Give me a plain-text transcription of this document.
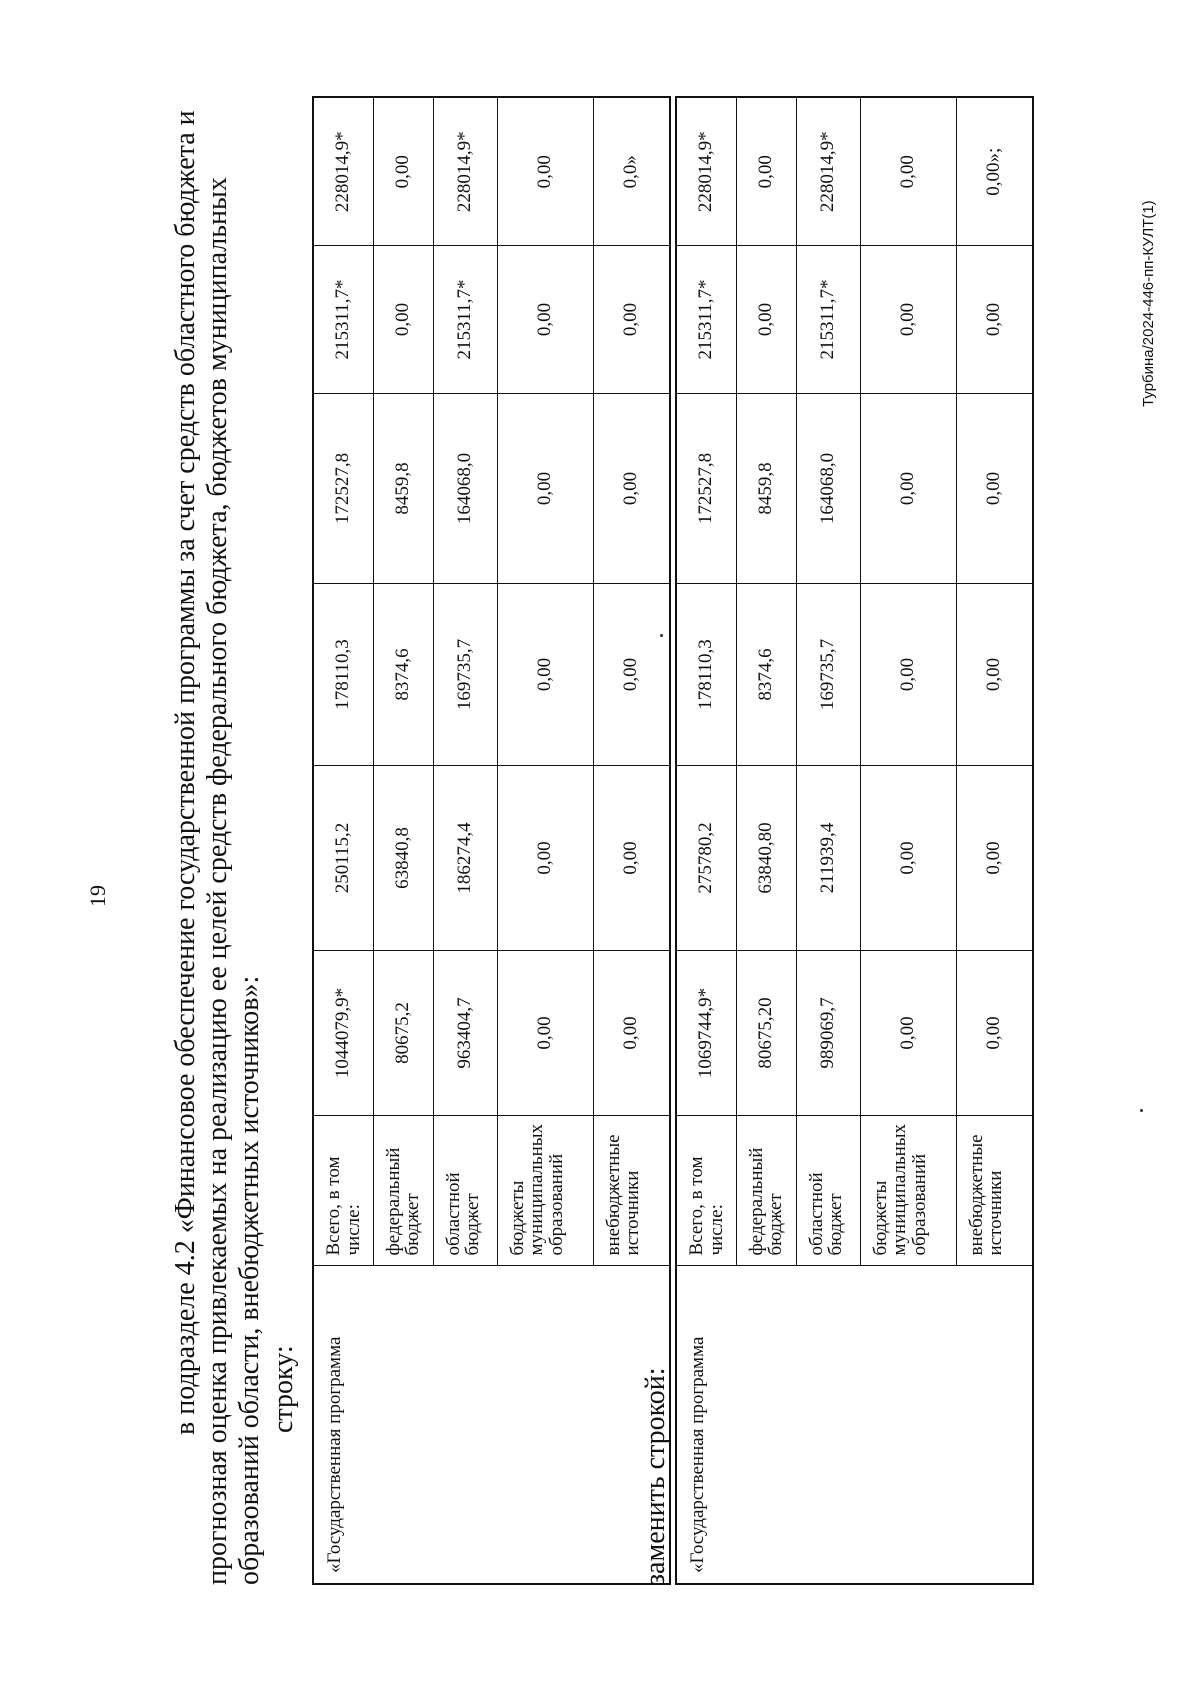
19 в подразделе 4.2 «Финансовое обеспечение государственной программы за счет средств областного бюджета и прогнозная оценка привлекаемых на реализацию ее целей средств федерального бюджета, бюджетов муниципальных образований области, внебюджетных источников»: строку: «Государственная программа	Всего, в том числе:	1044079,9*	250115,2	178110,3	172527,8	215311,7*	228014,9*
	федеральный бюджет	80675,2	63840,8	8374,6	8459,8	0,00	0,00
	областной бюджет	963404,7	186274,4	169735,7	164068,0	215311,7*	228014,9*
	бюджеты муниципальных образований	0,00	0,00	0,00	0,00	0,00	0,00
	внебюджетные источники	0,00	0,00	0,00	0,00	0,00	0,0»

заменить строкой: «Государственная программа	Всего, в том числе:	1069744,9*	275780,2	178110,3	172527,8	215311,7*	228014,9*
	федеральный бюджет	80675,20	63840,80	8374,6	8459,8	0,00	0,00
	областной бюджет	989069,7	211939,4	169735,7	164068,0	215311,7*	228014,9*
	бюджеты муниципальных образований	0,00	0,00	0,00	0,00	0,00	0,00
	внебюджетные источники	0,00	0,00	0,00	0,00	0,00	0,00»;
Турбина/2024-446-пп-КУЛТ(1)
